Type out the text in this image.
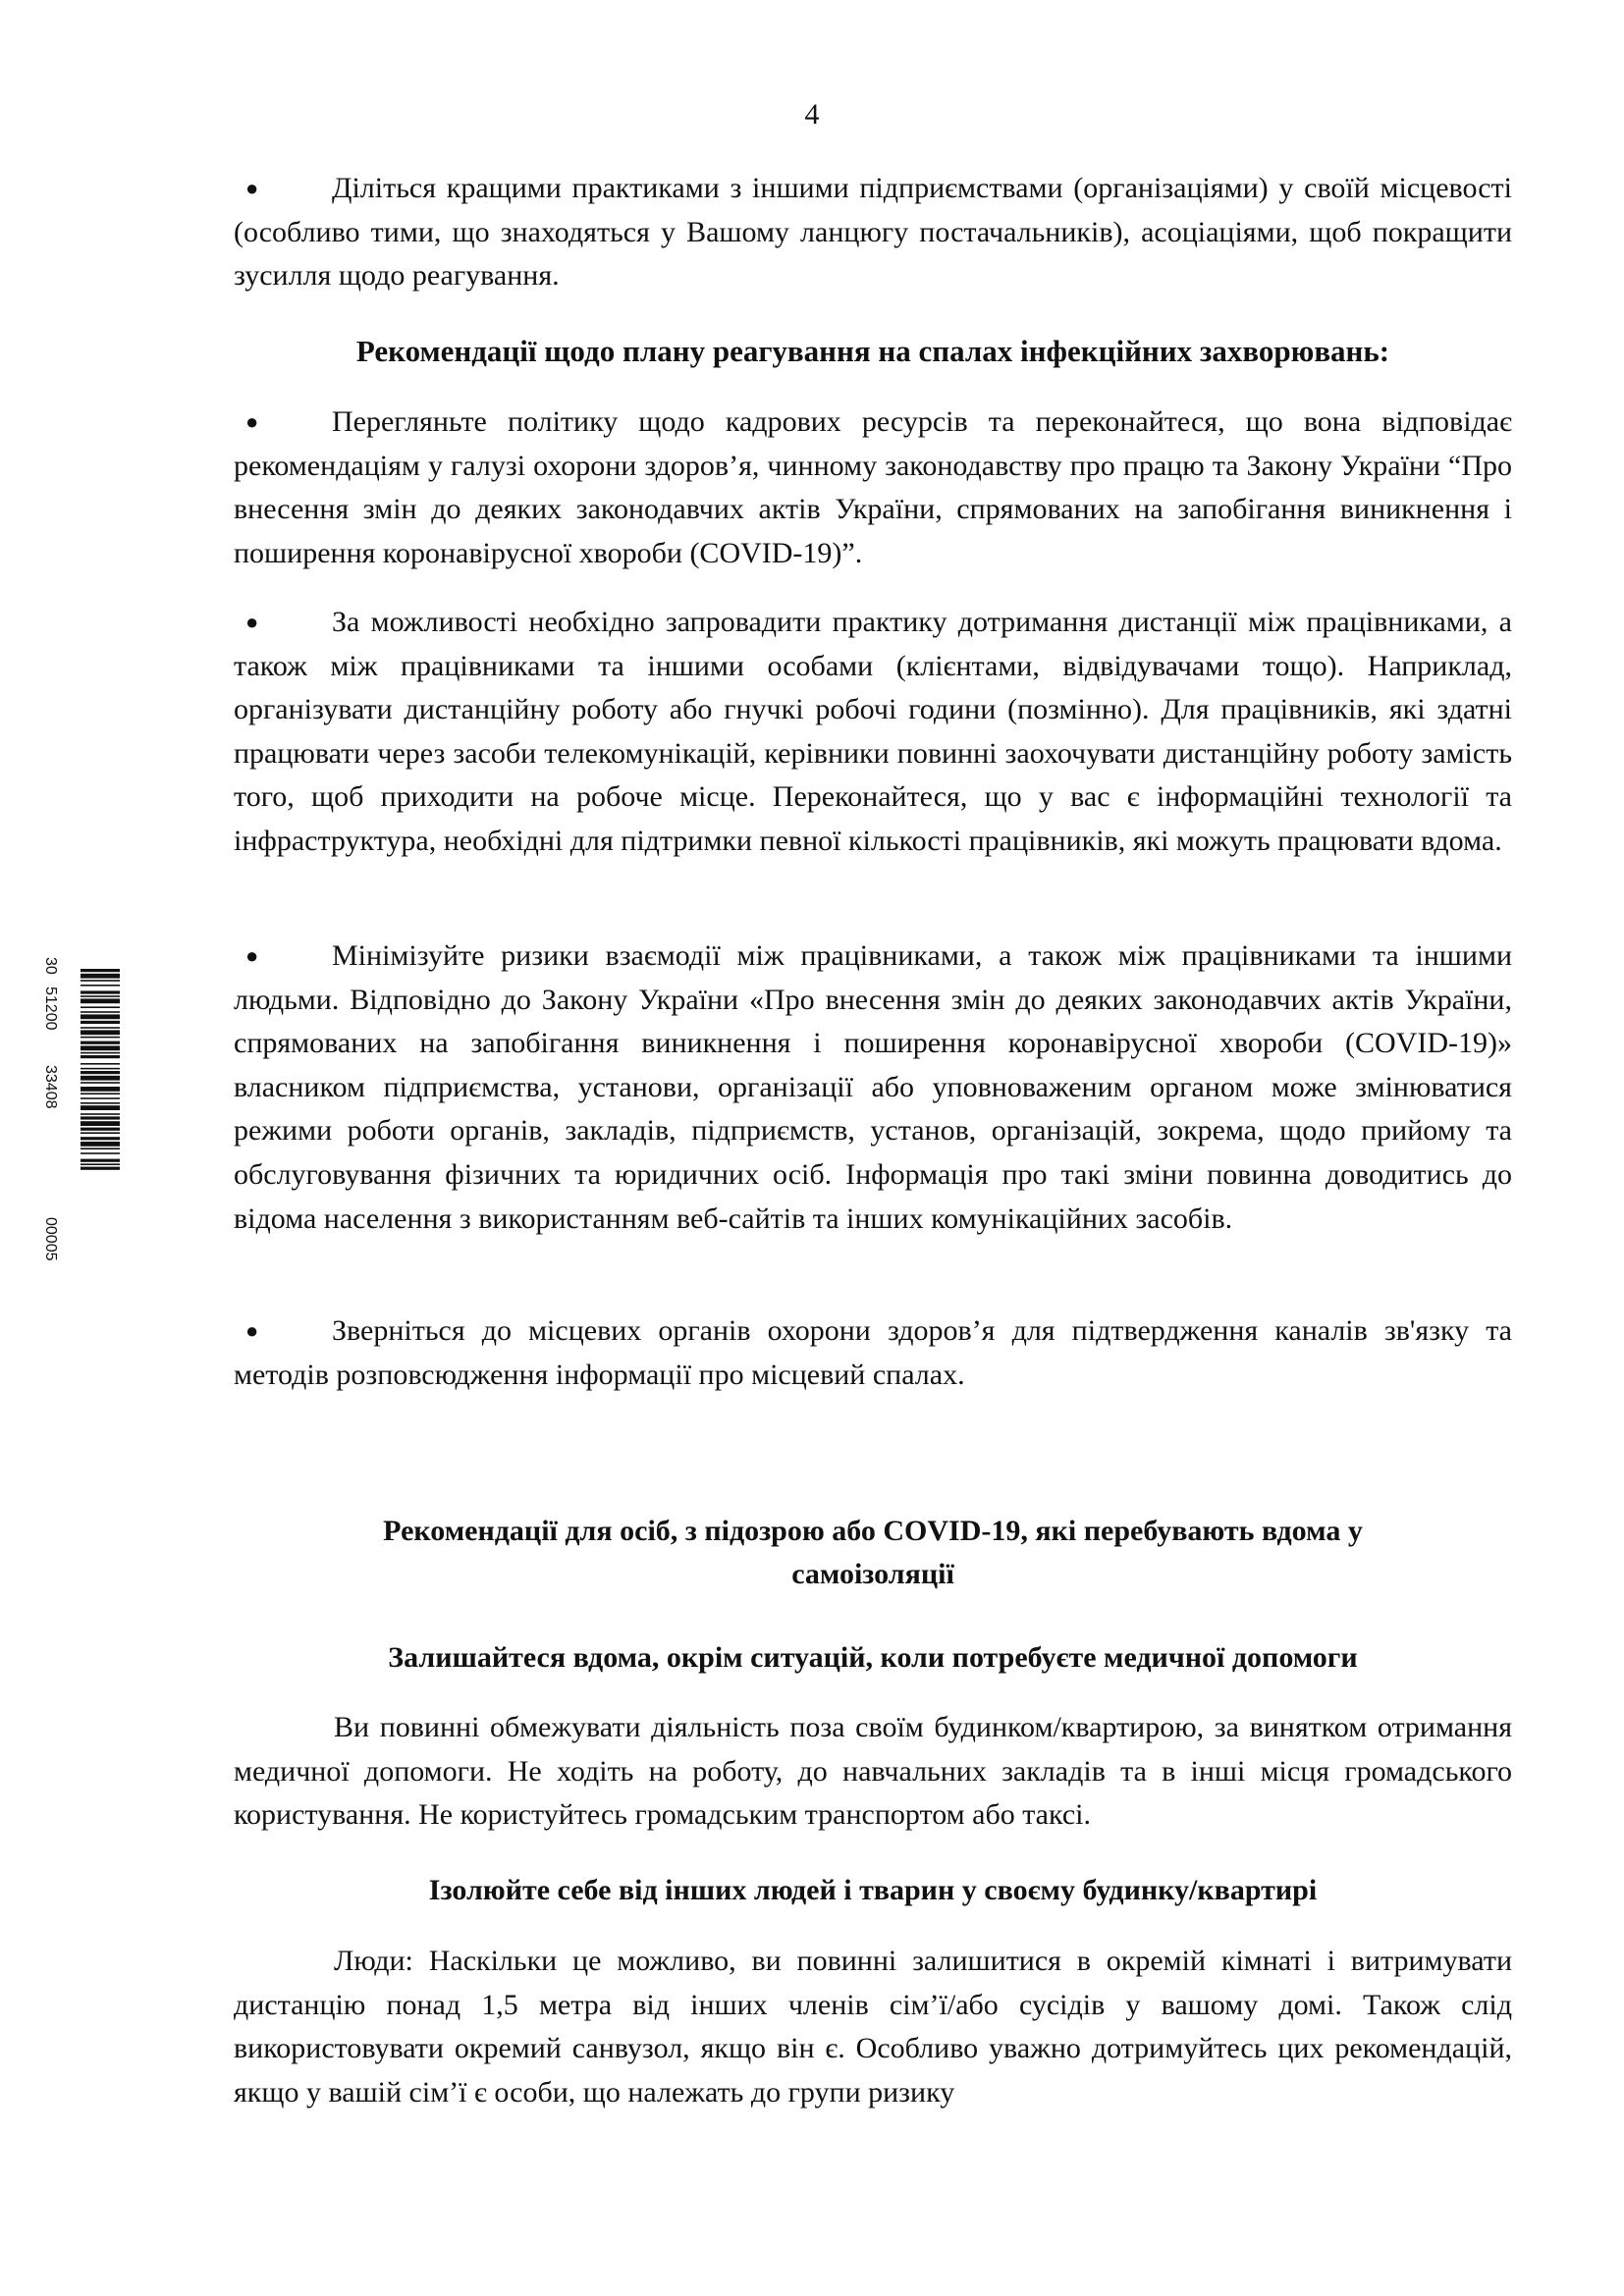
4
30
51200
33408
00005

● Діліться кращими практиками з іншими підприємствами (організаціями) у своїй місцевості (особливо тими, що знаходяться у Вашому ланцюгу постачальників), асоціаціями, щоб покращити зусилля щодо реагування.

Рекомендації щодо плану реагування на спалах інфекційних захворювань:

● Перегляньте політику щодо кадрових ресурсів та переконайтеся, що вона відповідає рекомендаціям у галузі охорони здоров’я, чинному законодавству про працю та Закону України “Про внесення змін до деяких законодавчих актів України, спрямованих на запобігання виникнення і поширення коронавірусної хвороби (COVID-19)”.

● За можливості необхідно запровадити практику дотримання дистанції між працівниками, а також між працівниками та іншими особами (клієнтами, відвідувачами тощо). Наприклад, організувати дистанційну роботу або гнучкі робочі години (позмінно). Для працівників, які здатні працювати через засоби телекомунікацій, керівники повинні заохочувати дистанційну роботу замість того, щоб приходити на робоче місце. Переконайтеся, що у вас є інформаційні технології та інфраструктура, необхідні для підтримки певної кількості працівників, які можуть працювати вдома.

● Мінімізуйте ризики взаємодії між працівниками, а також між працівниками та іншими людьми. Відповідно до Закону України «Про внесення змін до деяких законодавчих актів України, спрямованих на запобігання виникнення і поширення коронавірусної хвороби (COVID-19)» власником підприємства, установи, організації або уповноваженим органом може змінюватися режими роботи органів, закладів, підприємств, установ, організацій, зокрема, щодо прийому та обслуговування фізичних та юридичних осіб. Інформація про такі зміни повинна доводитись до відома населення з використанням веб-сайтів та інших комунікаційних засобів.

● Зверніться до місцевих органів охорони здоров’я для підтвердження каналів зв'язку та методів розповсюдження інформації про місцевий спалах.

Рекомендації для осіб, з підозрою або COVID-19, які перебувають вдома у

самоізоляції

Залишайтеся вдома, окрім ситуацій, коли потребуєте медичної допомоги

Ви повинні обмежувати діяльність поза своїм будинком/квартирою, за винятком отримання медичної допомоги. Не ходіть на роботу, до навчальних закладів та в інші місця громадського користування. Не користуйтесь громадським транспортом або таксі.

Ізолюйте себе від інших людей і тварин у своєму будинку/квартирі

Люди: Наскільки це можливо, ви повинні залишитися в окремій кімнаті і витримувати дистанцію понад 1,5 метра від інших членів сім’ї/або сусідів у вашому домі. Також слід використовувати окремий санвузол, якщо він є. Особливо уважно дотримуйтесь цих рекомендацій, якщо у вашій сім’ї є особи, що належать до групи ризику
